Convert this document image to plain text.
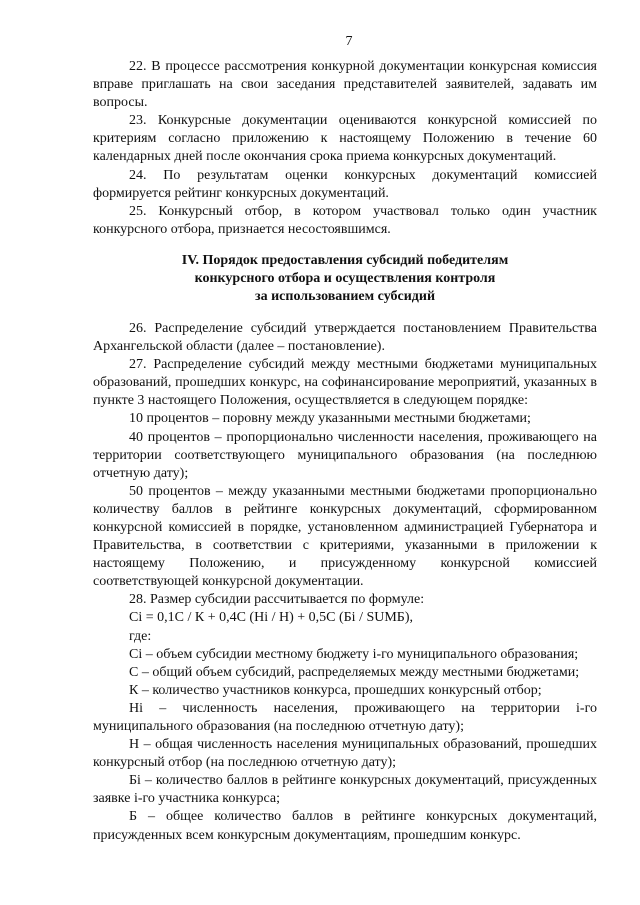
7

22. В процессе рассмотрения конкурной документации конкурсная комиссия вправе приглашать на свои заседания представителей заявителей, задавать им вопросы.

23. Конкурсные документации оцениваются конкурсной комиссией по критериям согласно приложению к настоящему Положению в течение 60 календарных дней после окончания срока приема конкурсных документаций.

24. По результатам оценки конкурсных документаций комиссией формируется рейтинг конкурсных документаций.

25. Конкурсный отбор, в котором участвовал только один участник конкурсного отбора, признается несостоявшимся.

IV. Порядок предоставления субсидий победителям
конкурсного отбора и осуществления контроля
за использованием субсидий

26. Распределение субсидий утверждается постановлением Правительства Архангельской области (далее – постановление).

27. Распределение субсидий между местными бюджетами муниципальных образований, прошедших конкурс, на софинансирование мероприятий, указанных в пункте 3 настоящего Положения, осуществляется в следующем порядке:

10 процентов – поровну между указанными местными бюджетами;

40 процентов – пропорционально численности населения, проживающего на территории соответствующего муниципального образования (на последнюю отчетную дату);

50 процентов – между указанными местными бюджетами пропорционально количеству баллов в рейтинге конкурсных документаций, сформированном конкурсной комиссией в порядке, установленном администрацией Губернатора и Правительства, в соответствии с критериями, указанными в приложении к настоящему Положению, и присужденному конкурсной комиссией соответствующей конкурсной документации.

28. Размер субсидии рассчитывается по формуле:

Сi = 0,1С / К + 0,4С (Нi / Н) + 0,5С (Бi / SUMБ),

где:

Сi – объем субсидии местному бюджету i-го муниципального образования;

С – общий объем субсидий, распределяемых между местными бюджетами;

К – количество участников конкурса, прошедших конкурсный отбор;

Нi – численность населения, проживающего на территории i-го муниципального образования (на последнюю отчетную дату);

Н – общая численность населения муниципальных образований, прошедших конкурсный отбор (на последнюю отчетную дату);

Бi – количество баллов в рейтинге конкурсных документаций, присужденных заявке i-го участника конкурса;

Б – общее количество баллов в рейтинге конкурсных документаций, присужденных всем конкурсным документациям, прошедшим конкурс.
